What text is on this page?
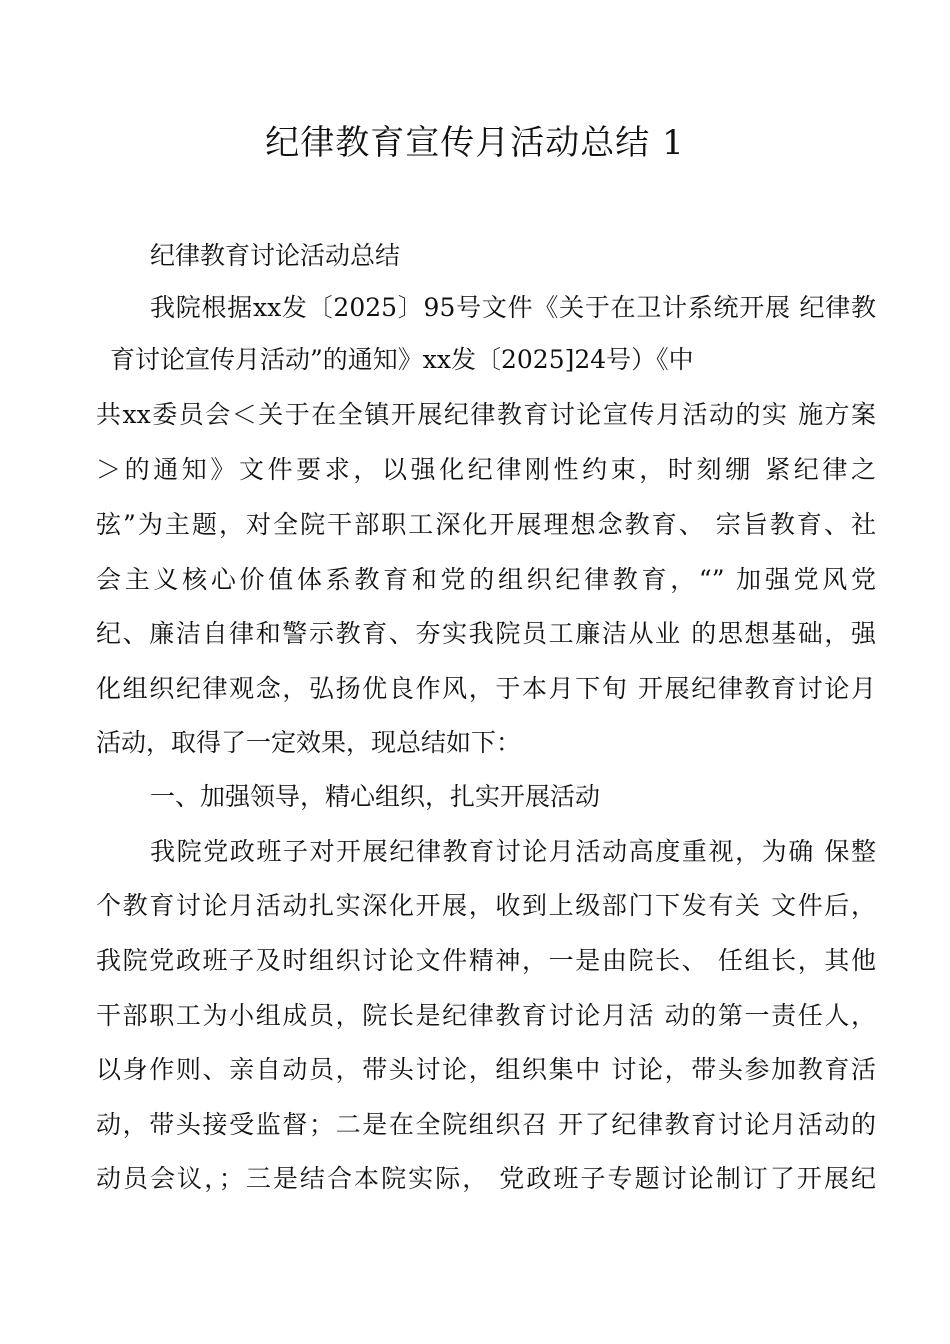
纪律教育宣传月活动总结 1

纪律教育讨论活动总结

我院根据xx发〔2025〕95号文件《关于在卫计系统开展 纪律教

育讨论宣传月活动”的通知》xx发〔2025]24号）《中

共xx委员会＜关于在全镇开展纪律教育讨论宣传月活动的实 施方案

＞的通知》文件要求，以强化纪律刚性约束，时刻绷 紧纪律之

弦”为主题，对全院干部职工深化开展理想念教育、 宗旨教育、社

会主义核心价值体系教育和党的组织纪律教育，“” 加强党风党

纪、廉洁自律和警示教育、夯实我院员工廉洁从业 的思想基础，强

化组织纪律观念，弘扬优良作风，于本月下旬 开展纪律教育讨论月

活动，取得了一定效果，现总结如下：

一、加强领导，精心组织，扎实开展活动

我院党政班子对开展纪律教育讨论月活动高度重视，为确 保整

个教育讨论月活动扎实深化开展，收到上级部门下发有关 文件后，

我院党政班子及时组织讨论文件精神，一是由院长、 任组长，其他

干部职工为小组成员，院长是纪律教育讨论月活 动的第一责任人，

以身作则、亲自动员，带头讨论，组织集中 讨论，带头参加教育活

动，带头接受监督；二是在全院组织召 开了纪律教育讨论月活动的

动员会议，；三是结合本院实际， 党政班子专题讨论制订了开展纪
